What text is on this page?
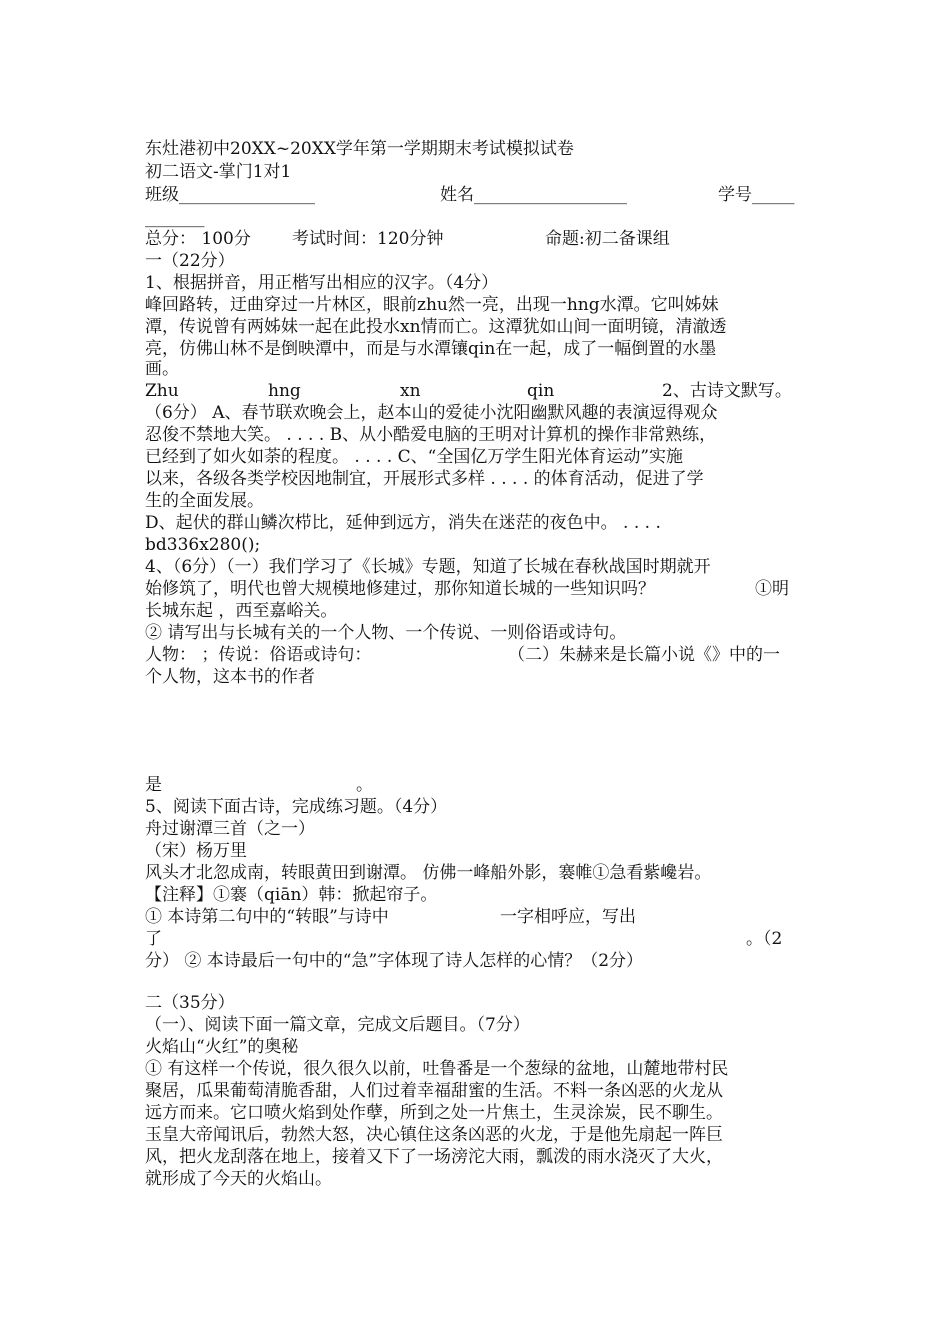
东灶港初中20XX~20XX学年第一学期期末考试模拟试卷
初二语文-掌门1对1
班级________________	姓名__________________	学号_____
_______
总分： 100分 考试时间：120分钟	命题:初二备课组
一（22分）
1、根据拼音，用正楷写出相应的汉字。（4分）
峰回路转，迂曲穿过一片林区，眼前zhu然一亮，出现一hng水潭。它叫姊妹
潭，传说曾有两姊妹一起在此投水xn情而亡。这潭犹如山间一面明镜，清澈透
亮，仿佛山林不是倒映潭中，而是与水潭镶qin在一起，成了一幅倒置的水墨
画。
Zhu	hng	xn	qin	2、古诗文默写。
（6分） A、春节联欢晚会上，赵本山的爱徒小沈阳幽默风趣的表演逗得观众
忍俊不禁地大笑。 . . . . B、从小酷爱电脑的王明对计算机的操作非常熟练，
已经到了如火如荼的程度。 . . . . C、“全国亿万学生阳光体育运动”实施
以来，各级各类学校因地制宜，开展形式多样 . . . . 的体育活动，促进了学
生的全面发展。
D、起伏的群山鳞次栉比，延伸到远方，消失在迷茫的夜色中。 . . . .
bd336x280();
4、（6分）（一）我们学习了《长城》专题，知道了长城在春秋战国时期就开
始修筑了，明代也曾大规模地修建过，那你知道长城的一些知识吗？	①明
长城东起 ，西至嘉峪关。
② 请写出与长城有关的一个人物、一个传说、一则俗语或诗句。
人物： ；传说：俗语或诗句：	（二）朱赫来是长篇小说《》中的一
个人物，这本书的作者
是	。
5、阅读下面古诗，完成练习题。（4分）
舟过谢潭三首（之一）
（宋）杨万里
风头才北忽成南，转眼黄田到谢潭。 仿佛一峰船外影，褰帷①急看紫巉岩。
【注释】①褰（qiān）韩：掀起帘子。
① 本诗第二句中的“转眼”与诗中	一字相呼应，写出
了	。（2
分） ② 本诗最后一句中的“急”字体现了诗人怎样的心情？（2分）
二（35分）
（一）、阅读下面一篇文章，完成文后题目。（7分）
火焰山“火红”的奥秘
① 有这样一个传说，很久很久以前，吐鲁番是一个葱绿的盆地，山麓地带村民
聚居，瓜果葡萄清脆香甜，人们过着幸福甜蜜的生活。不料一条凶恶的火龙从
远方而来。它口喷火焰到处作孽，所到之处一片焦土，生灵涂炭，民不聊生。
玉皇大帝闻讯后，勃然大怒，决心镇住这条凶恶的火龙，于是他先扇起一阵巨
风，把火龙刮落在地上，接着又下了一场滂沱大雨，瓢泼的雨水浇灭了大火，
就形成了今天的火焰山。
